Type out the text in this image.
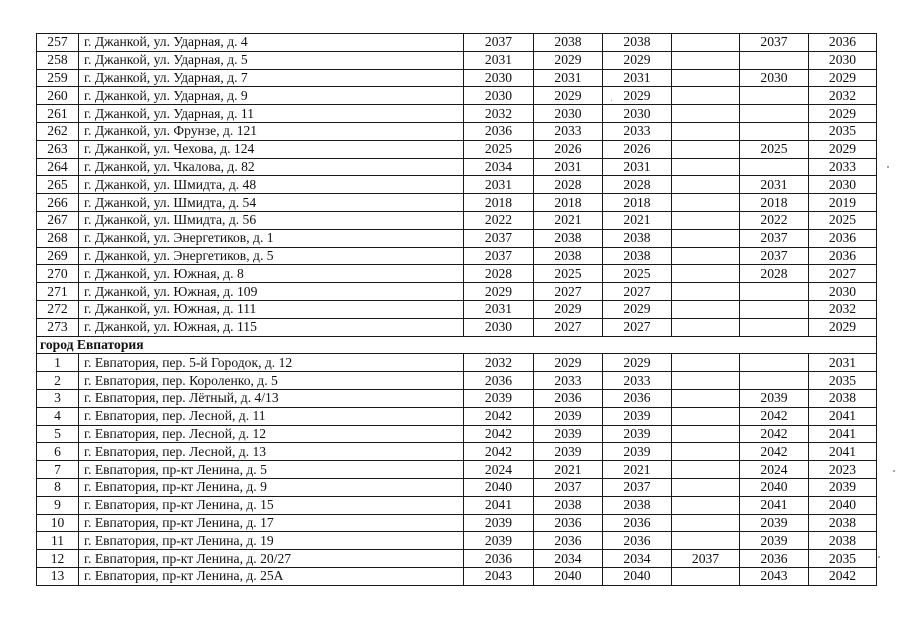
257	г. Джанкой, ул. Ударная, д. 4	2037	2038	2038		2037	2036
258	г. Джанкой, ул. Ударная, д. 5	2031	2029	2029			2030
259	г. Джанкой, ул. Ударная, д. 7	2030	2031	2031		2030	2029
260	г. Джанкой, ул. Ударная, д. 9	2030	2029	2029			2032
261	г. Джанкой, ул. Ударная, д. 11	2032	2030	2030			2029
262	г. Джанкой, ул. Фрунзе, д. 121	2036	2033	2033			2035
263	г. Джанкой, ул. Чехова, д. 124	2025	2026	2026		2025	2029
264	г. Джанкой, ул. Чкалова, д. 82	2034	2031	2031			2033
265	г. Джанкой, ул. Шмидта, д. 48	2031	2028	2028		2031	2030
266	г. Джанкой, ул. Шмидта, д. 54	2018	2018	2018		2018	2019
267	г. Джанкой, ул. Шмидта, д. 56	2022	2021	2021		2022	2025
268	г. Джанкой, ул. Энергетиков, д. 1	2037	2038	2038		2037	2036
269	г. Джанкой, ул. Энергетиков, д. 5	2037	2038	2038		2037	2036
270	г. Джанкой, ул. Южная, д. 8	2028	2025	2025		2028	2027
271	г. Джанкой, ул. Южная, д. 109	2029	2027	2027			2030
272	г. Джанкой, ул. Южная, д. 111	2031	2029	2029			2032
273	г. Джанкой, ул. Южная, д. 115	2030	2027	2027			2029
город Евпатория							
1	г. Евпатория, пер. 5-й Городок, д. 12	2032	2029	2029			2031
2	г. Евпатория, пер. Короленко, д. 5	2036	2033	2033			2035
3	г. Евпатория, пер. Лётный, д. 4/13	2039	2036	2036		2039	2038
4	г. Евпатория, пер. Лесной, д. 11	2042	2039	2039		2042	2041
5	г. Евпатория, пер. Лесной, д. 12	2042	2039	2039		2042	2041
6	г. Евпатория, пер. Лесной, д. 13	2042	2039	2039		2042	2041
7	г. Евпатория, пр-кт Ленина, д. 5	2024	2021	2021		2024	2023
8	г. Евпатория, пр-кт Ленина, д. 9	2040	2037	2037		2040	2039
9	г. Евпатория, пр-кт Ленина, д. 15	2041	2038	2038		2041	2040
10	г. Евпатория, пр-кт Ленина, д. 17	2039	2036	2036		2039	2038
11	г. Евпатория, пр-кт Ленина, д. 19	2039	2036	2036		2039	2038
12	г. Евпатория, пр-кт Ленина, д. 20/27	2036	2034	2034	2037	2036	2035
13	г. Евпатория, пр-кт Ленина, д. 25А	2043	2040	2040		2043	2042
